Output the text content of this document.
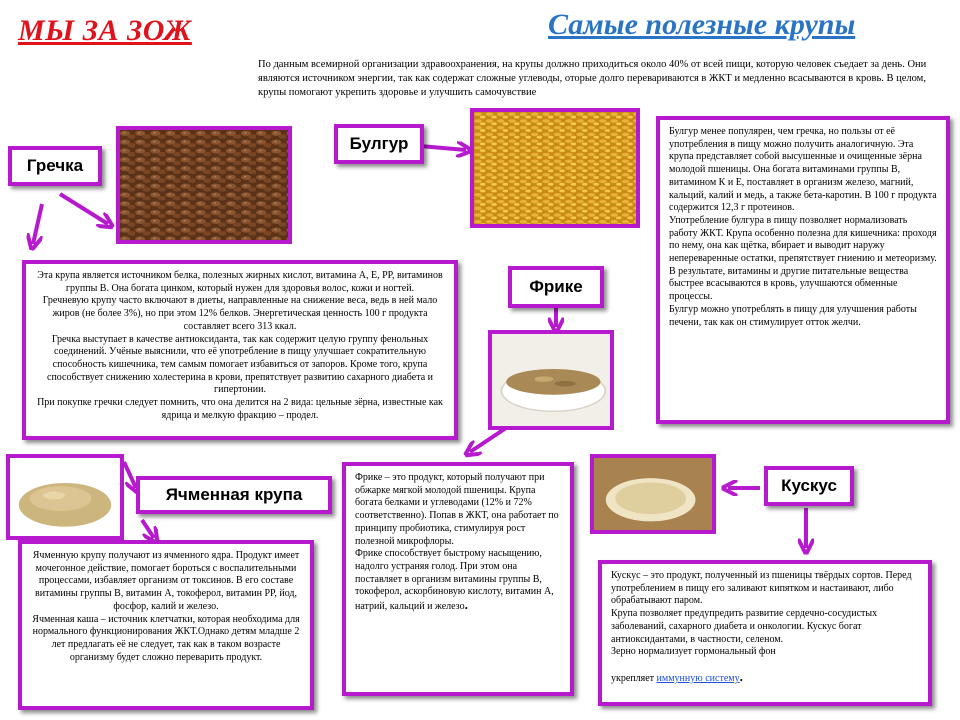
МЫ ЗА ЗОЖ	Самые полезные крупы
По данным всемирной организации здравоохранения, на крупы должно приходиться около 40% от всей пищи, которую человек съедает за день. Они являются источником энергии, так как содержат сложные углеводы, оторые долго перевариваются в ЖКТ и медленно всасываются в кровь. В целом, крупы помогают укрепить здоровье и улучшить самочувствие
Гречка

Эта крупа является источником белка, полезных жирных кислот, витамина А, Е, РР, витаминов группы В. Она богата цинком, который нужен для здоровья волос, кожи и ногтей.

Гречневую крупу часто включают в диеты, направленные на снижение веса, ведь в ней мало жиров (не более 3%), но при этом 12% белков. Энергетическая ценность 100 г продукта составляет всего 313 ккал.

Гречка выступает в качестве антиоксиданта, так как содержит целую группу фенольных соединений. Учёные выяснили, что её употребление в пищу улучшает сократительную способность кишечника, тем самым помогает избавиться от запоров. Кроме того, крупа способствует снижению холестерина в крови, препятствует развитию сахарного диабета и гипертонии.

При покупке гречки следует помнить, что она делится на 2 вида: цельные зёрна, известные как ядрица и мелкую фракцию – продел.

Булгур

Булгур менее популярен, чем гречка, но пользы от её употребления в пищу можно получить аналогичную. Эта крупа представляет собой высушенные и очищенные зёрна молодой пшеницы. Она богата витаминами группы В, витамином К и Е, поставляет в организм железо, магний, кальций, калий и медь, а также бета-каротин. В 100 г продукта содержится 12,3 г протеинов.

Употребление булгура в пищу позволяет нормализовать работу ЖКТ. Крупа особенно полезна для кишечника: проходя по нему, она как щётка, вбирает и выводит наружу непереваренные остатки, препятствует гниению и метеоризму. В результате, витамины и другие питательные вещества быстрее всасываются в кровь, улучшаются обменные процессы.

Булгур можно употреблять в пищу для улучшения работы печени, так как он стимулирует отток желчи.

Фрике

Фрике – это продукт, который получают при обжарке мягкой молодой пшеницы. Крупа богата белками и углеводами (12% и 72% соответственно). Попав в ЖКТ, она работает по принципу пробиотика, стимулируя рост полезной микрофлоры.

Фрике способствует быстрому насыщению, надолго устраняя голод. При этом она поставляет в организм витамины группы В, токоферол, аскорбиновую кислоту, витамин А, натрий, кальций и железо.

Ячменная крупа

Ячменную крупу получают из ячменного ядра. Продукт имеет мочегонное действие, помогает бороться с воспалительными процессами, избавляет организм от токсинов. В его составе витамины группы В, витамин А, токоферол, витамин РР, йод, фосфор, калий и железо.

Ячменная каша – источник клетчатки, которая необходима для нормального функционирования ЖКТ.Однако детям младше 2 лет предлагать её не следует, так как в таком возрасте организму будет сложно переварить продукт.

Кускус

Кускус – это продукт, полученный из пшеницы твёрдых сортов. Перед употреблением в пищу его заливают кипятком и настаивают, либо обрабатывают паром.

Крупа позволяет предупредить развитие сердечно-сосудистых заболеваний, сахарного диабета и онкологии. Кускус богат антиоксидантами, в частности, селеном.

Зерно нормализует гормональный фон

укрепляет иммунную систему.
